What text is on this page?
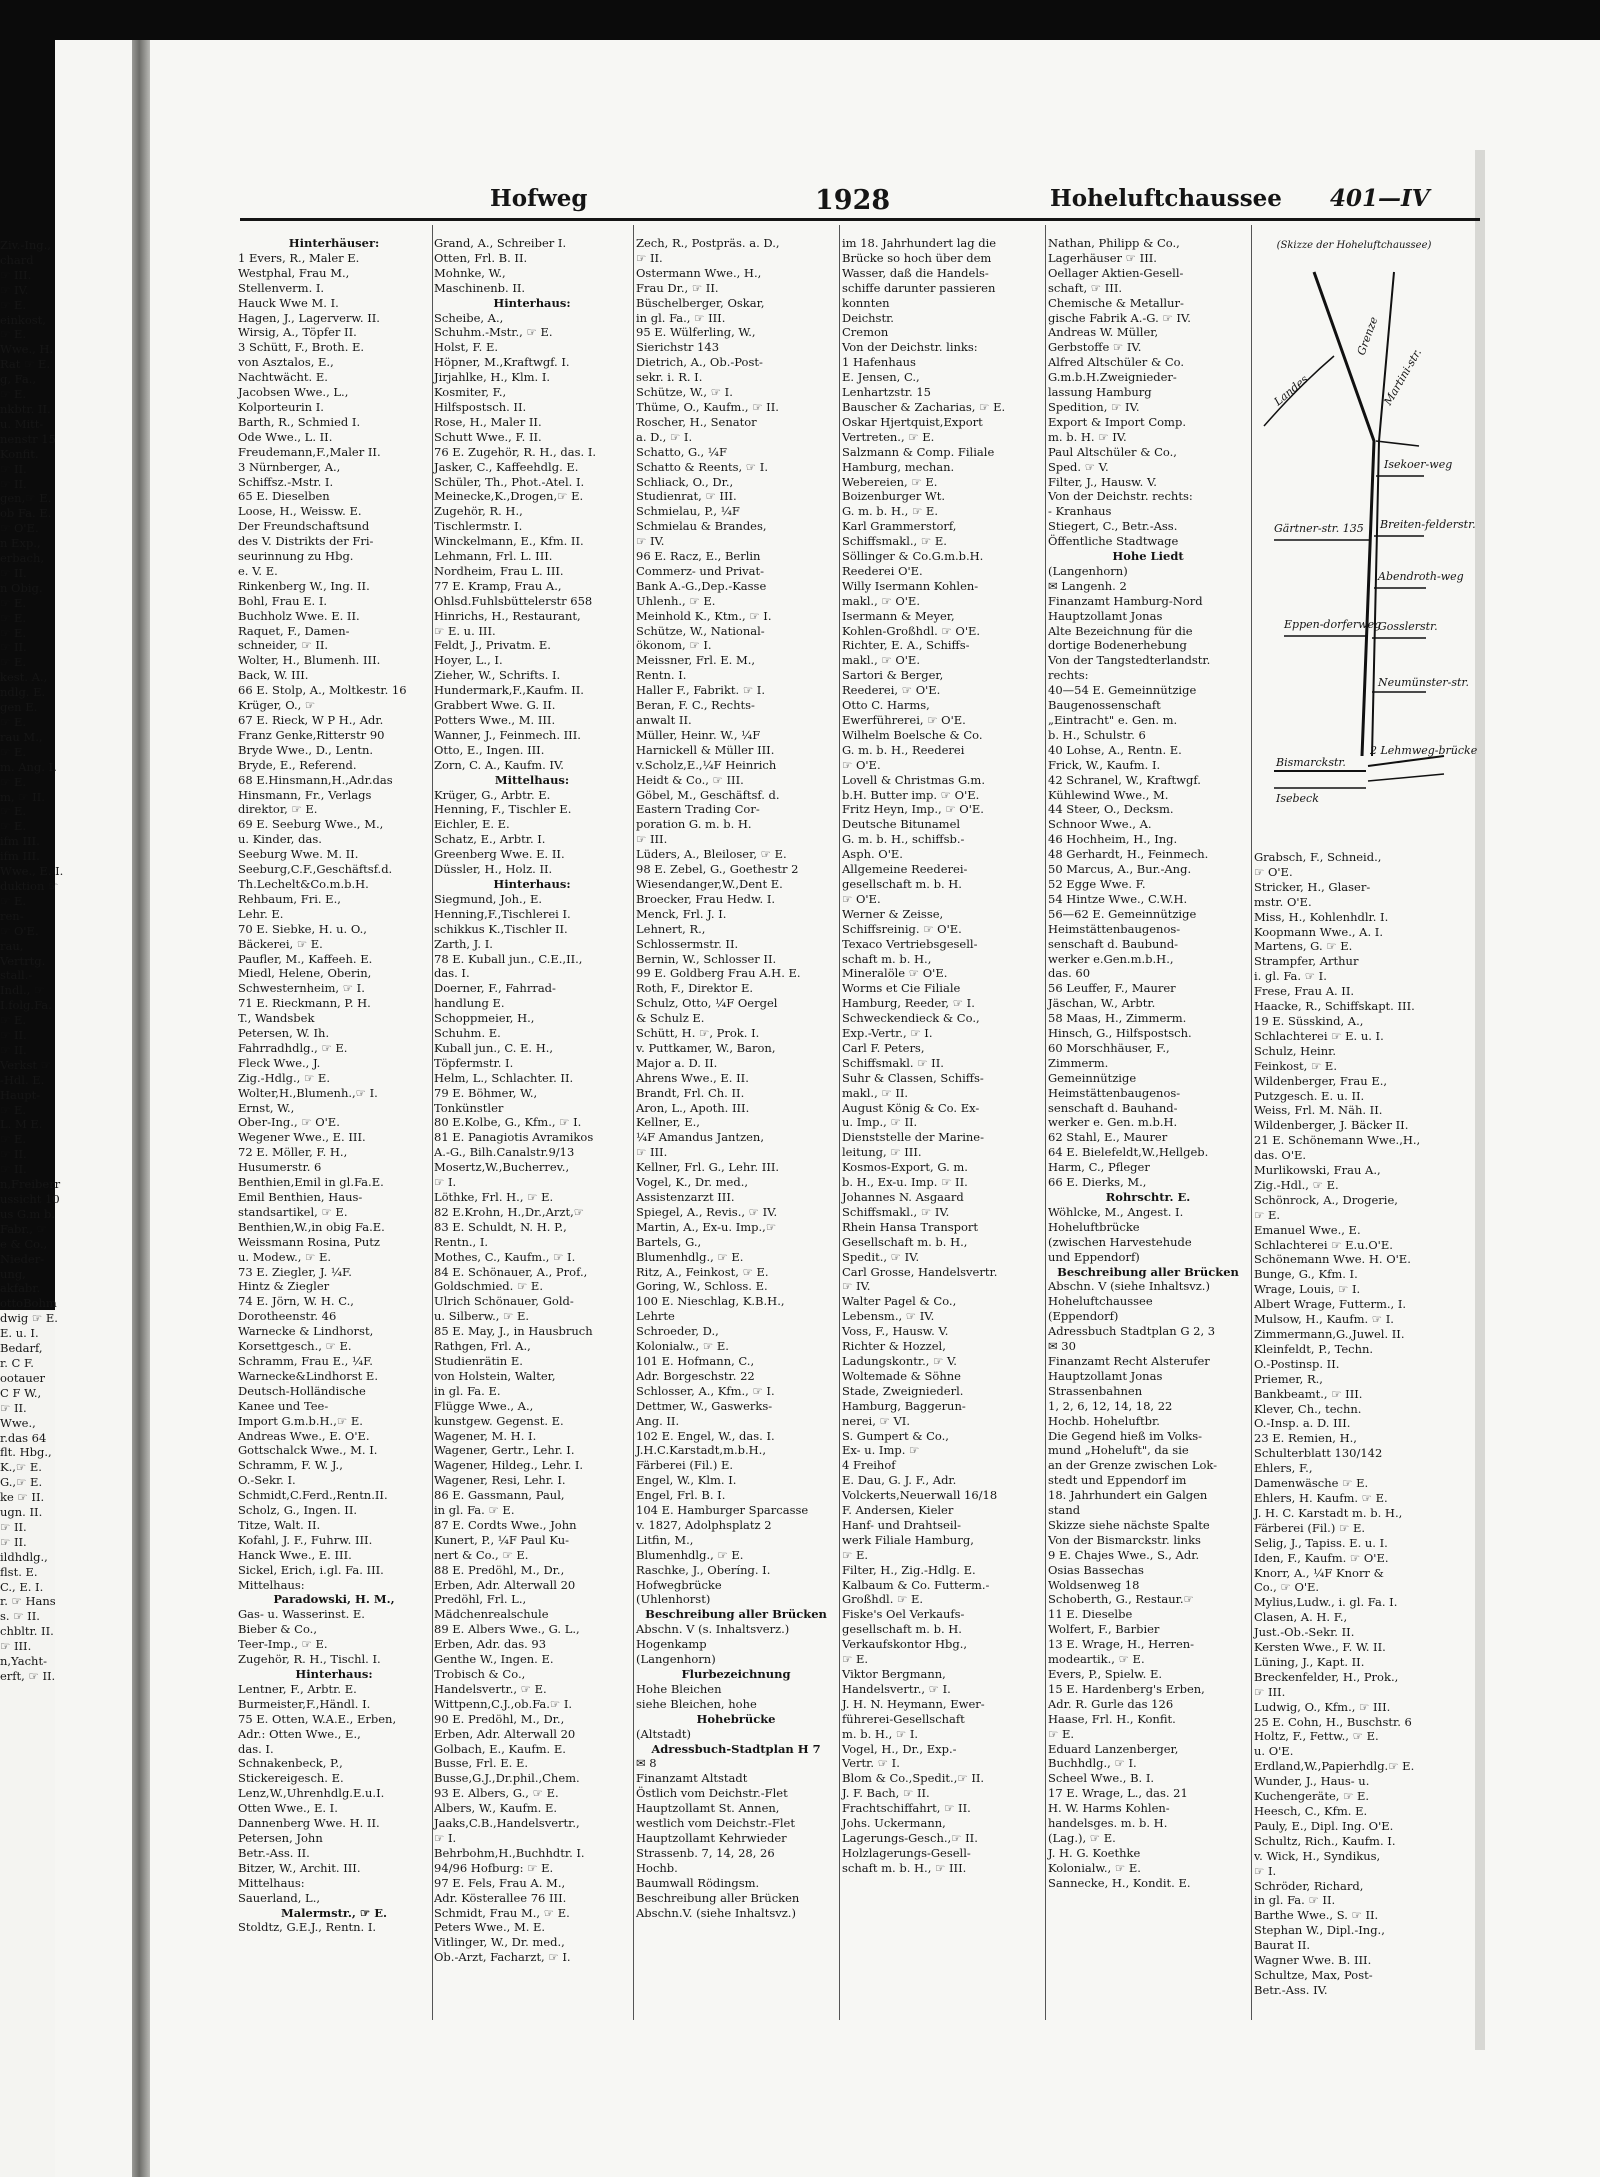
Ziv.-Ing.,
chard
☞ III.
☞ IV.
☞ E.
einkost,
☞ E.
Wwe., H.
Rat ☞ E.
g, Fa.,
☞ E.
nkbtr. II.
u. Mitt-
nenstr 15
Konfit.
☞ II.
☞ II.
gen,☞ E.
ob Fa. E.
☞ O'E.
n Exp.,
erbach,
☞ II.
n Obig.
☞ E.
☞ E.
☞ E.
☞ II.
☞ E.
kest. A.,
ndlg. E.
gen E.
☞ E.
rau M.,
☞ E.
m. Ang. I.
☞ E.
m, ☞ II.
☞ E.
☞ E.
ifm III.
ifm III.
Wwe., E. I.
duktion ☞
☞ E.
ren-
☞ O'E.
rau,
Vertrtg.
stall.-
Indl., ☞
I.folg.Fa.
☞ E.
☞ II.
☞ II.
Verkst ☞
-Hdl. E.
Haupt-
☞ E.
L. M E.
☞ E.
☞ II.
☞ II.
n,Freiberr
ussicht 10
us G.m b.
Fabr., ☞
e & Co.,
Nieder-
ung,
akfabr.
ottoBohm
dwig ☞ E.
E. u. I.
Bedarf,
r. C F.
ootauer
C F W.,
☞ II.
Wwe.,
r.das 64
flt. Hbg.,
K.,☞ E.
G.,☞ E.
ke ☞ II.
ugn. II.
☞ II.
☞ II.
ildhdlg.,
flst. E.
C., E. I.
r. ☞ Hans
s. ☞ II.
chbltr. II.
☞ III.
n,Yacht-
erft, ☞ II.
Hofweg	1928	Hoheluftchaussee 401—IV
Hinterhäuser:
1 Evers, R., Maler E.
Westphal, Frau M.,
Stellenverm. I.
Hauck Wwe M. I.
Hagen, J., Lagerverw. II.
Wirsig, A., Töpfer II.
3 Schütt, F., Broth. E.
von Asztalos, E.,
Nachtwächt. E.
Jacobsen Wwe., L.,
Kolporteurin I.
Barth, R., Schmied I.
Ode Wwe., L. II.
Freudemann,F.,Maler II.
3 Nürnberger, A.,
Schiffsz.-Mstr. I.
65 E. Dieselben
Loose, H., Weissw. E.
Der Freundschaftsund
des V. Distrikts der Fri-
seurinnung zu Hbg.
e. V. E.
Rinkenberg W., Ing. II.
Bohl, Frau E. I.
Buchholz Wwe. E. II.
Raquet, F., Damen-
schneider, ☞ II.
Wolter, H., Blumenh. III.
Back, W. III.
66 E. Stolp, A., Moltkestr. 16
Krüger, O., ☞
67 E. Rieck, W P H., Adr.
Franz Genke,Ritterstr 90
Bryde Wwe., D., Lentn.
Bryde, E., Referend.
68 E.Hinsmann,H.,Adr.das
Hinsmann, Fr., Verlags
direktor, ☞ E.
69 E. Seeburg Wwe., M.,
u. Kinder, das.
Seeburg Wwe. M. II.
Seeburg,C.F.,Geschäftsf.d.
Th.Lechelt&Co.m.b.H.
Rehbaum, Fri. E.,
Lehr. E.
70 E. Siebke, H. u. O.,
Bäckerei, ☞ E.
Paufler, M., Kaffeeh. E.
Miedl, Helene, Oberin,
Schwesternheim, ☞ I.
71 E. Rieckmann, P. H.
T., Wandsbek
Petersen, W. Ih.
Fahrradhdlg., ☞ E.
Fleck Wwe., J.
Zig.-Hdlg., ☞ E.
Wolter,H.,Blumenh.,☞ I.
Ernst, W.,
Ober-Ing., ☞ O'E.
Wegener Wwe., E. III.
72 E. Möller, F. H.,
Husumerstr. 6
Benthien,Emil in gl.Fa.E.
Emil Benthien, Haus-
standsartikel, ☞ E.
Benthien,W.,in obig Fa.E.
Weissmann Rosina, Putz
u. Modew., ☞ E.
73 E. Ziegler, J. ¼F.
Hintz & Ziegler
74 E. Jörn, W. H. C.,
Dorotheenstr. 46
Warnecke & Lindhorst,
Korsettgesch., ☞ E.
Schramm, Frau E., ¼F.
Warnecke&Lindhorst E.
Deutsch-Holländische
Kanee und Tee-
Import G.m.b.H.,☞ E.
Andreas Wwe., E. O'E.
Gottschalck Wwe., M. I.
Schramm, F. W. J.,
O.-Sekr. I.
Schmidt,C.Ferd.,Rentn.II.
Scholz, G., Ingen. II.
Titze, Walt. II.
Kofahl, J. F., Fuhrw. III.
Hanck Wwe., E. III.
Sickel, Erich, i.gl. Fa. III.
Mittelhaus:
Paradowski, H. M.,
Gas- u. Wasserinst. E.
Bieber & Co.,
Teer-Imp., ☞ E.
Zugehör, R. H., Tischl. I.
Hinterhaus:
Lentner, F., Arbtr. E.
Burmeister,F.,Händl. I.
75 E. Otten, W.A.E., Erben,
Adr.: Otten Wwe., E.,
das. I.
Schnakenbeck, P.,
Stickereigesch. E.
Lenz,W.,Uhrenhdlg.E.u.I.
Otten Wwe., E. I.
Dannenberg Wwe. H. II.
Petersen, John
Betr.-Ass. II.
Bitzer, W., Archit. III.
Mittelhaus:
Sauerland, L.,
Malermstr., ☞ E.
Stoldtz, G.E.J., Rentn. I.
Grand, A., Schreiber I.
Otten, Frl. B. II.
Mohnke, W.,
Maschinenb. II.
Hinterhaus:
Scheibe, A.,
Schuhm.-Mstr., ☞ E.
Holst, F. E.
Höpner, M.,Kraftwgf. I.
Jirjahlke, H., Klm. I.
Kosmiter, F.,
Hilfspostsch. II.
Rose, H., Maler II.
Schutt Wwe., F. II.
76 E. Zugehör, R. H., das. I.
Jasker, C., Kaffeehdlg. E.
Schüler, Th., Phot.-Atel. I.
Meinecke,K.,Drogen,☞ E.
Zugehör, R. H.,
Tischlermstr. I.
Winckelmann, E., Kfm. II.
Lehmann, Frl. L. III.
Nordheim, Frau L. III.
77 E. Kramp, Frau A.,
Ohlsd.Fuhlsbüttelerstr 658
Hinrichs, H., Restaurant,
☞ E. u. III.
Feldt, J., Privatm. E.
Hoyer, L., I.
Zieher, W., Schrifts. I.
Hundermark,F.,Kaufm. II.
Grabbert Wwe. G. II.
Potters Wwe., M. III.
Wanner, J., Feinmech. III.
Otto, E., Ingen. III.
Zorn, C. A., Kaufm. IV.
Mittelhaus:
Krüger, G., Arbtr. E.
Henning, F., Tischler E.
Eichler, E. E.
Schatz, E., Arbtr. I.
Greenberg Wwe. E. II.
Düssler, H., Holz. II.
Hinterhaus:
Siegmund, Joh., E.
Henning,F.,Tischlerei I.
schikkus K.,Tischler II.
Zarth, J. I.
78 E. Kuball jun., C.E.,II.,
das. I.
Doerner, F., Fahrrad-
handlung E.
Schoppmeier, H.,
Schuhm. E.
Kuball jun., C. E. H.,
Töpfermstr. I.
Helm, L., Schlachter. II.
79 E. Böhmer, W.,
Tonkünstler
80 E.Kolbe, G., Kfm., ☞ I.
81 E. Panagiotis Avramikos
A.-G., Bilh.Canalstr.9/13
Mosertz,W.,Bucherrev.,
☞ I.
Löthke, Frl. H., ☞ E.
82 E.Krohn, H.,Dr.,Arzt,☞
83 E. Schuldt, N. H. P.,
Rentn., I.
Mothes, C., Kaufm., ☞ I.
84 E. Schönauer, A., Prof.,
Goldschmied. ☞ E.
Ulrich Schönauer, Gold-
u. Silberw., ☞ E.
85 E. May, J., in Hausbruch
Rathgen, Frl. A.,
Studienrätin E.
von Holstein, Walter,
in gl. Fa. E.
Flügge Wwe., A.,
kunstgew. Gegenst. E.
Wagener, M. H. I.
Wagener, Gertr., Lehr. I.
Wagener, Hildeg., Lehr. I.
Wagener, Resi, Lehr. I.
86 E. Gassmann, Paul,
in gl. Fa. ☞ E.
87 E. Cordts Wwe., John
Kunert, P., ¼F Paul Ku-
nert & Co., ☞ E.
88 E. Predöhl, M., Dr.,
Erben, Adr. Alterwall 20
Predöhl, Frl. L.,
Mädchenrealschule
89 E. Albers Wwe., G. L.,
Erben, Adr. das. 93
Genthe W., Ingen. E.
Trobisch & Co.,
Handelsvertr., ☞ E.
Wittpenn,C.J.,ob.Fa.☞ I.
90 E. Predöhl, M., Dr.,
Erben, Adr. Alterwall 20
Golbach, E., Kaufm. E.
Busse, Frl. E. E.
Busse,G.J.,Dr.phil.,Chem.
93 E. Albers, G., ☞ E.
Albers, W., Kaufm. E.
Jaaks,C.B.,Handelsvertr.,
☞ I.
Behrbohm,H.,Buchhdtr. I.
94/96 Hofburg: ☞ E.
97 E. Fels, Frau A. M.,
Adr. Kösterallee 76 III.
Schmidt, Frau M., ☞ E.
Peters Wwe., M. E.
Vitlinger, W., Dr. med.,
Ob.-Arzt, Facharzt, ☞ I.
Zech, R., Postpräs. a. D.,
☞ II.
Ostermann Wwe., H.,
Frau Dr., ☞ II.
Büschelberger, Oskar,
in gl. Fa., ☞ III.
95 E. Wülferling, W.,
Sierichstr 143
Dietrich, A., Ob.-Post-
sekr. i. R. I.
Schütze, W., ☞ I.
Thüme, O., Kaufm., ☞ II.
Roscher, H., Senator
a. D., ☞ I.
Schatto, G., ¼F
Schatto & Reents, ☞ I.
Schliack, O., Dr.,
Studienrat, ☞ III.
Schmielau, P., ¼F
Schmielau & Brandes,
☞ IV.
96 E. Racz, E., Berlin
Commerz- und Privat-
Bank A.-G.,Dep.-Kasse
Uhlenh., ☞ E.
Meinhold K., Ktm., ☞ I.
Schütze, W., National-
ökonom, ☞ I.
Meissner, Frl. E. M.,
Rentn. I.
Haller F., Fabrikt. ☞ I.
Beran, F. C., Rechts-
anwalt II.
Müller, Heinr. W., ¼F
Harnickell & Müller III.
v.Scholz,E.,¼F Heinrich
Heidt & Co., ☞ III.
Göbel, M., Geschäftsf. d.
Eastern Trading Cor-
poration G. m. b. H.
☞ III.
Lüders, A., Bleiloser, ☞ E.
98 E. Zebel, G., Goethestr 2
Wiesendanger,W.,Dent E.
Broecker, Frau Hedw. I.
Menck, Frl. J. I.
Lehnert, R.,
Schlossermstr. II.
Bernin, W., Schlosser II.
99 E. Goldberg Frau A.H. E.
Roth, F., Direktor E.
Schulz, Otto, ¼F Oergel
& Schulz E.
Schütt, H. ☞, Prok. I.
v. Puttkamer, W., Baron,
Major a. D. II.
Ahrens Wwe., E. II.
Brandt, Frl. Ch. II.
Aron, L., Apoth. III.
Kellner, E.,
¼F Amandus Jantzen,
☞ III.
Kellner, Frl. G., Lehr. III.
Vogel, K., Dr. med.,
Assistenzarzt III.
Spiegel, A., Revis., ☞ IV.
Martin, A., Ex-u. Imp.,☞
Bartels, G.,
Blumenhdlg., ☞ E.
Ritz, A., Feinkost, ☞ E.
Goring, W., Schloss. E.
100 E. Nieschlag, K.B.H.,
Lehrte
Schroeder, D.,
Kolonialw., ☞ E.
101 E. Hofmann, C.,
Adr. Borgeschstr. 22
Schlosser, A., Kfm., ☞ I.
Dettmer, W., Gaswerks-
Ang. II.
102 E. Engel, W., das. I.
J.H.C.Karstadt,m.b.H.,
Färberei (Fil.) E.
Engel, W., Klm. I.
Engel, Frl. B. I.
104 E. Hamburger Sparcasse
v. 1827, Adolphsplatz 2
Litfin, M.,
Blumenhdlg., ☞ E.
Raschke, J., Oberíng. I.
Hofwegbrücke
(Uhlenhorst)
Beschreibung aller Brücken
Abschn. V (s. Inhaltsverz.)
Hogenkamp
(Langenhorn)
Flurbezeichnung
Hohe Bleichen
siehe Bleichen, hohe
Hohebrücke
(Altstadt)
Adressbuch-Stadtplan H 7
✉ 8
Finanzamt Altstadt
Östlich vom Deichstr.-Flet
Hauptzollamt St. Annen,
westlich vom Deichstr.-Flet
Hauptzollamt Kehrwieder
Strassenb. 7, 14, 28, 26
Hochb.
Baumwall Rödingsm.
Beschreibung aller Brücken
Abschn.V. (siehe Inhaltsvz.)
im 18. Jahrhundert lag die
Brücke so hoch über dem
Wasser, daß die Handels-
schiffe darunter passieren
konnten
Deichstr.
Cremon
Von der Deichstr. links:
1 Hafenhaus
E. Jensen, C.,
Lenhartzstr. 15
Bauscher & Zacharias, ☞ E.
Oskar Hjertquist,Export
Vertreten., ☞ E.
Salzmann & Comp. Filiale
Hamburg, mechan.
Webereien, ☞ E.
Boizenburger Wt.
G. m. b. H., ☞ E.
Karl Grammerstorf,
Schiffsmakl., ☞ E.
Söllinger & Co.G.m.b.H.
Reederei O'E.
Willy Isermann Kohlen-
makl., ☞ O'E.
Isermann & Meyer,
Kohlen-Großhdl. ☞ O'E.
Richter, E. A., Schiffs-
makl., ☞ O'E.
Sartori & Berger,
Reederei, ☞ O'E.
Otto C. Harms,
Ewerführerei, ☞ O'E.
Wilhelm Boelsche & Co.
G. m. b. H., Reederei
☞ O'E.
Lovell & Christmas G.m.
b.H. Butter imp. ☞ O'E.
Fritz Heyn, Imp., ☞ O'E.
Deutsche Bitunamel
G. m. b. H., schiffsb.-
Asph. O'E.
Allgemeine Reederei-
gesellschaft m. b. H.
☞ O'E.
Werner & Zeisse,
Schiffsreinig. ☞ O'E.
Texaco Vertriebsgesell-
schaft m. b. H.,
Mineralöle ☞ O'E.
Worms et Cie Filiale
Hamburg, Reeder, ☞ I.
Schweckendieck & Co.,
Exp.-Vertr., ☞ I.
Carl F. Peters,
Schiffsmakl. ☞ II.
Suhr & Classen, Schiffs-
makl., ☞ II.
August König & Co. Ex-
u. Imp., ☞ II.
Dienststelle der Marine-
leitung, ☞ III.
Kosmos-Export, G. m.
b. H., Ex-u. Imp. ☞ II.
Johannes N. Asgaard
Schiffsmakl., ☞ IV.
Rhein Hansa Transport
Gesellschaft m. b. H.,
Spedit., ☞ IV.
Carl Grosse, Handelsvertr.
☞ IV.
Walter Pagel & Co.,
Lebensm., ☞ IV.
Voss, F., Hausw. V.
Richter & Hozzel,
Ladungskontr., ☞ V.
Woltemade & Söhne
Stade, Zweigniederl.
Hamburg, Baggerun-
nerei, ☞ VI.
S. Gumpert & Co.,
Ex- u. Imp. ☞
4 Freihof
E. Dau, G. J. F., Adr.
Volckerts,Neuerwall 16/18
F. Andersen, Kieler
Hanf- und Drahtseil-
werk Filiale Hamburg,
☞ E.
Filter, H., Zig.-Hdlg. E.
Kalbaum & Co. Futterm.-
Großhdl. ☞ E.
Fiske's Oel Verkaufs-
gesellschaft m. b. H.
Verkaufskontor Hbg.,
☞ E.
Viktor Bergmann,
Handelsvertr., ☞ I.
J. H. N. Heymann, Ewer-
führerei-Gesellschaft
m. b. H., ☞ I.
Vogel, H., Dr., Exp.-
Vertr. ☞ I.
Blom & Co.,Spedit.,☞ II.
J. F. Bach, ☞ II.
Frachtschiffahrt, ☞ II.
Johs. Uckermann,
Lagerungs-Gesch.,☞ II.
Holzlagerungs-Gesell-
schaft m. b. H., ☞ III.
Nathan, Philipp & Co.,
Lagerhäuser ☞ III.
Oellager Aktien-Gesell-
schaft, ☞ III.
Chemische & Metallur-
gische Fabrik A.-G. ☞ IV.
Andreas W. Müller,
Gerbstoffe ☞ IV.
Alfred Altschüler & Co.
G.m.b.H.Zweignieder-
lassung Hamburg
Spedition, ☞ IV.
Export & Import Comp.
m. b. H. ☞ IV.
Paul Altschüler & Co.,
Sped. ☞ V.
Filter, J., Hausw. V.
Von der Deichstr. rechts:
- Kranhaus
Stiegert, C., Betr.-Ass.
Öffentliche Stadtwage
Hohe Liedt
(Langenhorn)
✉ Langenh. 2
Finanzamt Hamburg-Nord
Hauptzollamt Jonas
Alte Bezeichnung für die
dortige Bodenerhebung
Von der Tangstedterlandstr.
rechts:
40—54 E. Gemeinnützige
Baugenossenschaft
„Eintracht" e. Gen. m.
b. H., Schulstr. 6
40 Lohse, A., Rentn. E.
Frick, W., Kaufm. I.
42 Schranel, W., Kraftwgf.
Kühlewind Wwe., M.
44 Steer, O., Decksm.
Schnoor Wwe., A.
46 Hochheim, H., Ing.
48 Gerhardt, H., Feinmech.
50 Marcus, A., Bur.-Ang.
52 Egge Wwe. F.
54 Hintze Wwe., C.W.H.
56—62 E. Gemeinnützige
Heimstättenbaugenos-
senschaft d. Baubund-
werker e.Gen.m.b.H.,
das. 60
56 Leuffer, F., Maurer
Jäschan, W., Arbtr.
58 Maas, H., Zimmerm.
Hinsch, G., Hilfspostsch.
60 Morschhäuser, F.,
Zimmerm.
Gemeinnützige
Heimstättenbaugenos-
senschaft d. Bauhand-
werker e. Gen. m.b.H.
62 Stahl, E., Maurer
64 E. Bielefeldt,W.,Hellgeb.
Harm, C., Pfleger
66 E. Dierks, M.,
Rohrschtr. E.
Wöhlcke, M., Angest. I.
Hoheluftbrücke
(zwischen Harvestehude
und Eppendorf)
Beschreibung aller Brücken
Abschn. V (siehe Inhaltsvz.)
Hoheluftchaussee
(Eppendorf)
Adressbuch Stadtplan G 2, 3
✉ 30
Finanzamt Recht Alsterufer
Hauptzollamt Jonas
Strassenbahnen
1, 2, 6, 12, 14, 18, 22
Hochb. Hoheluftbr.
Die Gegend hieß im Volks-
mund „Hoheluft", da sie
an der Grenze zwischen Lok-
stedt und Eppendorf im
18. Jahrhundert ein Galgen
stand
Skizze siehe nächste Spalte
Von der Bismarckstr. links
9 E. Chajes Wwe., S., Adr.
Osias Bassechas
Woldsenweg 18
Schoberth, G., Restaur.☞
11 E. Dieselbe
Wolfert, F., Barbier
13 E. Wrage, H., Herren-
modeartik., ☞ E.
Evers, P., Spielw. E.
15 E. Hardenberg's Erben,
Adr. R. Gurle das 126
Haase, Frl. H., Konfit.
☞ E.
Eduard Lanzenberger,
Buchhdlg., ☞ I.
Scheel Wwe., B. I.
17 E. Wrage, L., das. 21
H. W. Harms Kohlen-
handelsges. m. b. H.
(Lag.), ☞ E.
J. H. G. Koethke
Kolonialw., ☞ E.
Sannecke, H., Kondit. E.
(Skizze der Hoheluftchaussee)
Landes
Grenze
Martini-str.
Isekoer-weg
Gärtner-str. 135 Breiten-felderstr.
Abendroth-weg
Eppen-dorferweg
Gosslerstr.
Neumünster-str.
Bismarckstr.
2 Lehmweg-brücke
Isebeck
Grabsch, F., Schneid.,
☞ O'E.
Stricker, H., Glaser-
mstr. O'E.
Miss, H., Kohlenhdlr. I.
Koopmann Wwe., A. I.
Martens, G. ☞ E.
Strampfer, Arthur
i. gl. Fa. ☞ I.
Frese, Frau A. II.
Haacke, R., Schiffskapt. III.
19 E. Süsskind, A.,
Schlachterei ☞ E. u. I.
Schulz, Heinr.
Feinkost, ☞ E.
Wildenberger, Frau E.,
Putzgesch. E. u. II.
Weiss, Frl. M. Näh. II.
Wildenberger, J. Bäcker II.
21 E. Schönemann Wwe.,H.,
das. O'E.
Murlikowski, Frau A.,
Zig.-Hdl., ☞ E.
Schönrock, A., Drogerie,
☞ E.
Emanuel Wwe., E.
Schlachterei ☞ E.u.O'E.
Schönemann Wwe. H. O'E.
Bunge, G., Kfm. I.
Wrage, Louis, ☞ I.
Albert Wrage, Futterm., I.
Mulsow, H., Kaufm. ☞ I.
Zimmermann,G.,Juwel. II.
Kleinfeldt, P., Techn.
O.-Postinsp. II.
Priemer, R.,
Bankbeamt., ☞ III.
Klever, Ch., techn.
O.-Insp. a. D. III.
23 E. Remien, H.,
Schulterblatt 130/142
Ehlers, F.,
Damenwäsche ☞ E.
Ehlers, H. Kaufm. ☞ E.
J. H. C. Karstadt m. b. H.,
Färberei (Fil.) ☞ E.
Selig, J., Tapiss. E. u. I.
Iden, F., Kaufm. ☞ O'E.
Knorr, A., ¼F Knorr &
Co., ☞ O'E.
Mylius,Ludw., i. gl. Fa. I.
Clasen, A. H. F.,
Just.-Ob.-Sekr. II.
Kersten Wwe., F. W. II.
Lüning, J., Kapt. II.
Breckenfelder, H., Prok.,
☞ III.
Ludwig, O., Kfm., ☞ III.
25 E. Cohn, H., Buschstr. 6
Holtz, F., Fettw., ☞ E.
u. O'E.
Erdland,W.,Papierhdlg.☞ E.
Wunder, J., Haus- u.
Kuchengeräte, ☞ E.
Heesch, C., Kfm. E.
Pauly, E., Dipl. Ing. O'E.
Schultz, Rich., Kaufm. I.
v. Wick, H., Syndikus,
☞ I.
Schröder, Richard,
in gl. Fa. ☞ II.
Barthe Wwe., S. ☞ II.
Stephan W., Dipl.-Ing.,
Baurat II.
Wagner Wwe. B. III.
Schultze, Max, Post-
Betr.-Ass. IV.
